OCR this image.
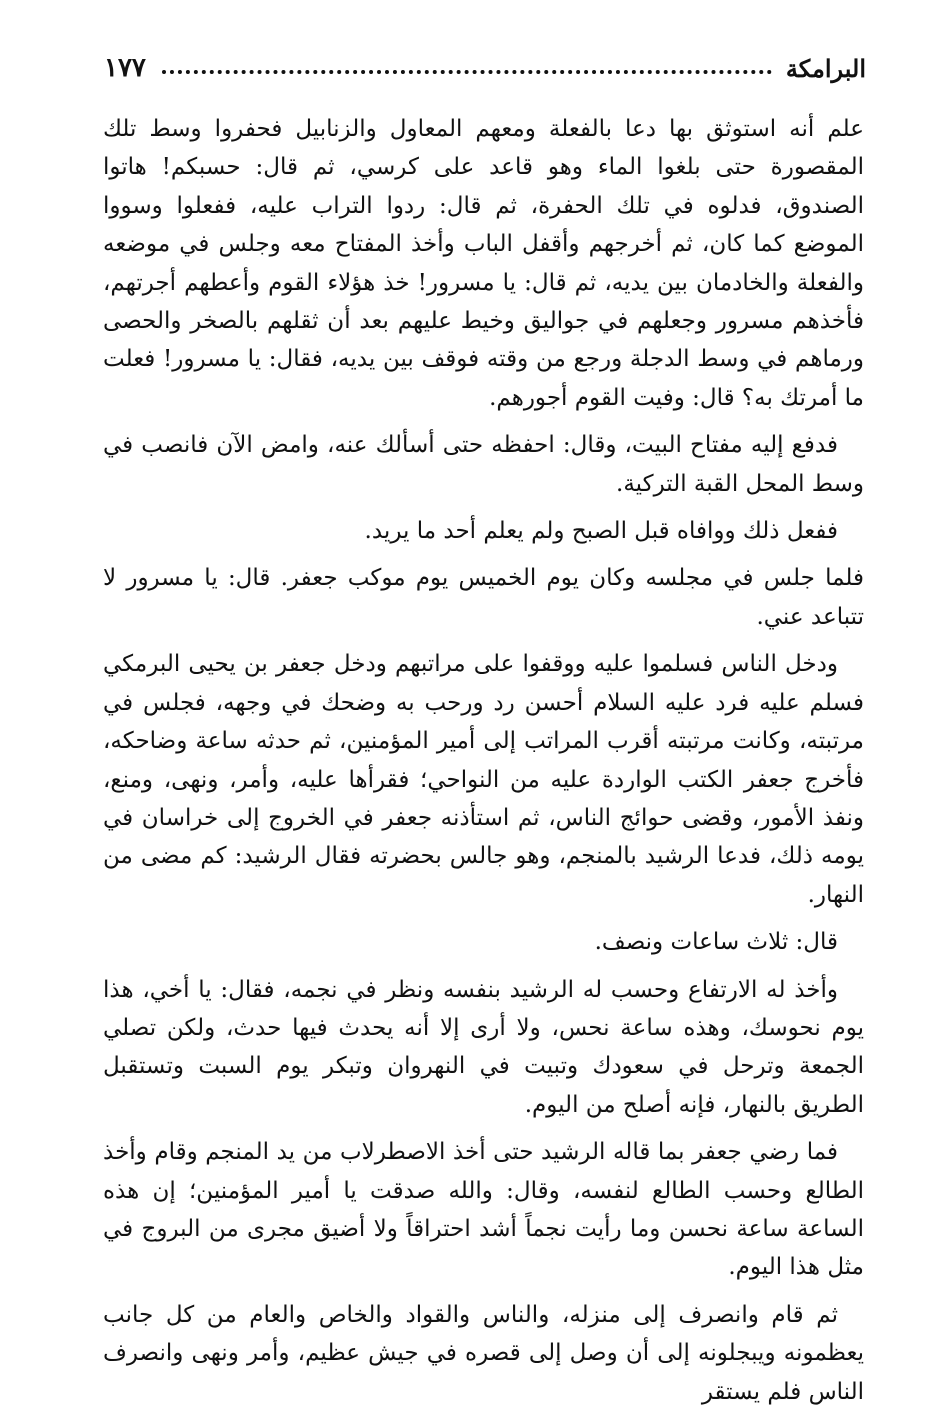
البرامكة
١٧٧

علم أنه استوثق بها دعا بالفعلة ومعهم المعاول والزنابيل فحفروا وسط تلك المقصورة حتى بلغوا الماء وهو قاعد على كرسي، ثم قال: حسبكم! هاتوا الصندوق، فدلوه في تلك الحفرة، ثم قال: ردوا التراب عليه، ففعلوا وسووا الموضع كما كان، ثم أخرجهم وأقفل الباب وأخذ المفتاح معه وجلس في موضعه والفعلة والخادمان بين يديه، ثم قال: يا مسرور! خذ هؤلاء القوم وأعطهم أجرتهم، فأخذهم مسرور وجعلهم في جواليق وخيط عليهم بعد أن ثقلهم بالصخر والحصى ورماهم في وسط الدجلة ورجع من وقته فوقف بين يديه، فقال: يا مسرور! فعلت ما أمرتك به؟ قال: وفيت القوم أجورهم.

فدفع إليه مفتاح البيت، وقال: احفظه حتى أسألك عنه، وامض الآن فانصب في وسط المحل القبة التركية.

ففعل ذلك ووافاه قبل الصبح ولم يعلم أحد ما يريد.

فلما جلس في مجلسه وكان يوم الخميس يوم موكب جعفر. قال: يا مسرور لا تتباعد عني.

ودخل الناس فسلموا عليه ووقفوا على مراتبهم ودخل جعفر بن يحيى البرمكي فسلم عليه فرد عليه السلام أحسن رد ورحب به وضحك في وجهه، فجلس في مرتبته، وكانت مرتبته أقرب المراتب إلى أمير المؤمنين، ثم حدثه ساعة وضاحكه، فأخرج جعفر الكتب الواردة عليه من النواحي؛ فقرأها عليه، وأمر، ونهى، ومنع، ونفذ الأمور، وقضى حوائج الناس، ثم استأذنه جعفر في الخروج إلى خراسان في يومه ذلك، فدعا الرشيد بالمنجم، وهو جالس بحضرته فقال الرشيد: كم مضى من النهار.

قال: ثلاث ساعات ونصف.

وأخذ له الارتفاع وحسب له الرشيد بنفسه ونظر في نجمه، فقال: يا أخي، هذا يوم نحوسك، وهذه ساعة نحس، ولا أرى إلا أنه يحدث فيها حدث، ولكن تصلي الجمعة وترحل في سعودك وتبيت في النهروان وتبكر يوم السبت وتستقبل الطريق بالنهار، فإنه أصلح من اليوم.

فما رضي جعفر بما قاله الرشيد حتى أخذ الاصطرلاب من يد المنجم وقام وأخذ الطالع وحسب الطالع لنفسه، وقال: والله صدقت يا أمير المؤمنين؛ إن هذه الساعة ساعة نحسن وما رأيت نجماً أشد احتراقاً ولا أضيق مجرى من البروج في مثل هذا اليوم.

ثم قام وانصرف إلى منزله، والناس والقواد والخاص والعام من كل جانب يعظمونه ويبجلونه إلى أن وصل إلى قصره في جيش عظيم، وأمر ونهى وانصرف الناس فلم يستقر
